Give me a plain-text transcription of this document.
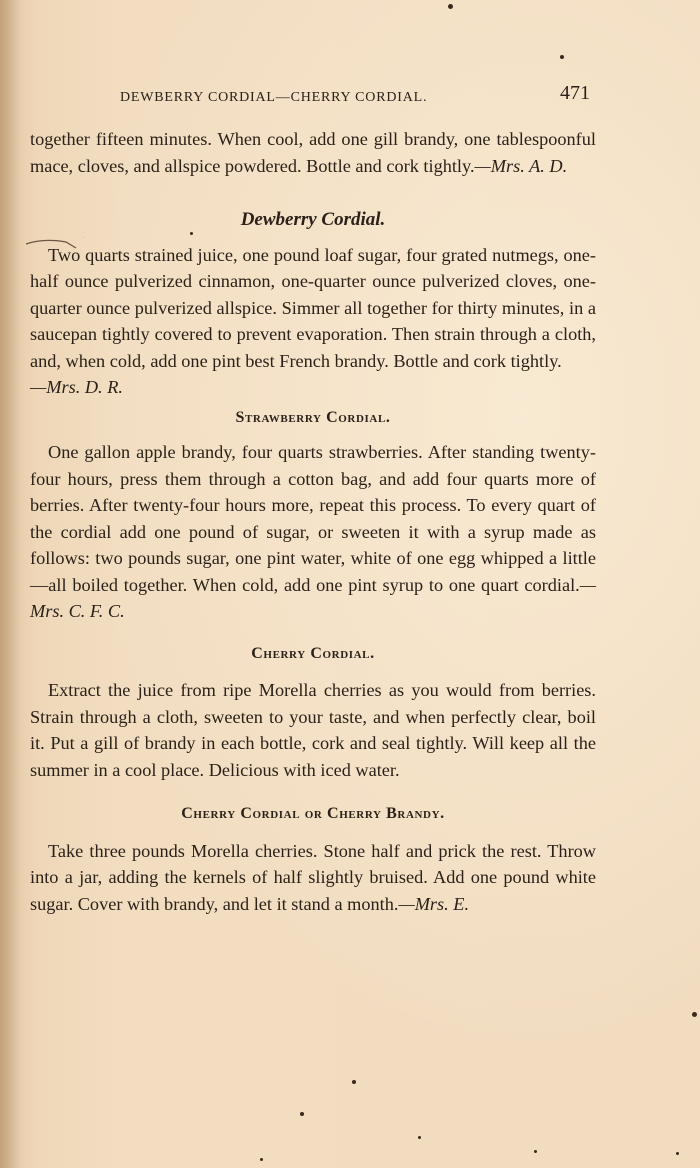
DEWBERRY CORDIAL—CHERRY CORDIAL.	471

together fifteen minutes. When cool, add one gill brandy, one tablespoonful mace, cloves, and allspice powdered. Bottle and cork tightly.—Mrs. A. D.

Dewberry Cordial.

Two quarts strained juice, one pound loaf sugar, four grated nutmegs, one-half ounce pulverized cinnamon, one-quarter ounce pulverized cloves, one-quarter ounce pulverized allspice. Simmer all together for thirty minutes, in a saucepan tightly covered to prevent evaporation. Then strain through a cloth, and, when cold, add one pint best French brandy. Bottle and cork tightly.

—Mrs. D. R.

Strawberry Cordial.

One gallon apple brandy, four quarts strawberries. After standing twenty-four hours, press them through a cotton bag, and add four quarts more of berries. After twenty-four hours more, repeat this process. To every quart of the cordial add one pound of sugar, or sweeten it with a syrup made as follows: two pounds sugar, one pint water, white of one egg whipped a little—all boiled together. When cold, add one pint syrup to one quart cordial.—Mrs. C. F. C.

Cherry Cordial.

Extract the juice from ripe Morella cherries as you would from berries. Strain through a cloth, sweeten to your taste, and when perfectly clear, boil it. Put a gill of brandy in each bottle, cork and seal tightly. Will keep all the summer in a cool place. Delicious with iced water.

Cherry Cordial or Cherry Brandy.

Take three pounds Morella cherries. Stone half and prick the rest. Throw into a jar, adding the kernels of half slightly bruised. Add one pound white sugar. Cover with brandy, and let it stand a month.—Mrs. E.
